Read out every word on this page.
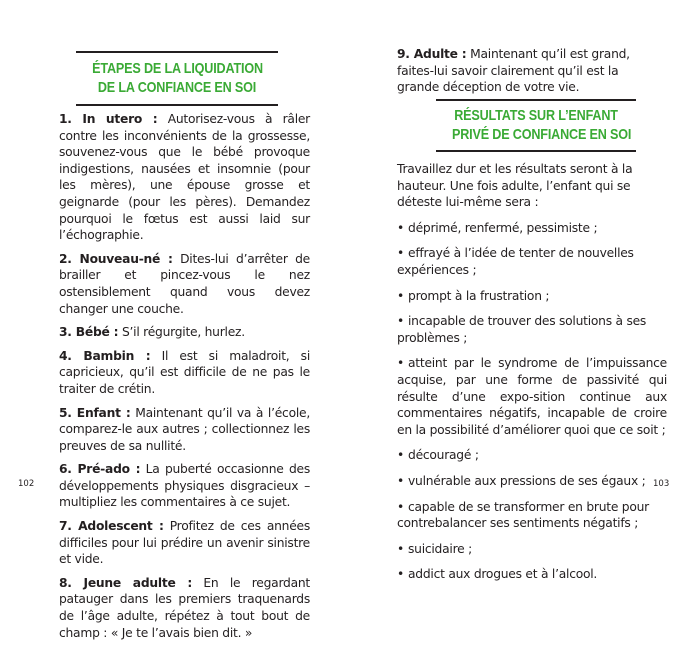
ÉTAPES DE LA LIQUIDATION
DE LA CONFIANCE EN SOI

1. In utero : Autorisez-vous à râler contre les inconvénients de la grossesse, souvenez-vous que le bébé provoque indigestions, nausées et insomnie (pour les mères), une épouse grosse et geignarde (pour les pères). Demandez pourquoi le fœtus est aussi laid sur l’échographie.

2. Nouveau-né : Dites-lui d’arrêter de brailler et pincez-vous le nez ostensiblement quand vous devez changer une couche.

3. Bébé : S’il régurgite, hurlez.

4. Bambin : Il est si maladroit, si capricieux, qu’il est difficile de ne pas le traiter de crétin.

5. Enfant : Maintenant qu’il va à l’école, comparez-le aux autres ; collectionnez les preuves de sa nullité.

6. Pré-ado : La puberté occasionne des développements physiques disgracieux – multipliez les commentaires à ce sujet.

7. Adolescent : Profitez de ces années difficiles pour lui prédire un avenir sinistre et vide.

8. Jeune adulte : En le regardant patauger dans les premiers traquenards de l’âge adulte, répétez à tout bout de champ : « Je te l’avais bien dit. »

102

9. Adulte : Maintenant qu’il est grand, faites-lui savoir clairement qu’il est la grande déception de votre vie.

RÉSULTATS SUR L’ENFANT
PRIVÉ DE CONFIANCE EN SOI

Travaillez dur et les résultats seront à la hauteur. Une fois adulte, l’enfant qui se déteste lui-même sera :

• déprimé, renfermé, pessimiste ;
• effrayé à l’idée de tenter de nouvelles expériences ;
• prompt à la frustration ;
• incapable de trouver des solutions à ses problèmes ;
• atteint par le syndrome de l’impuissance acquise, par une forme de passivité qui résulte d’une expo-sition continue aux commentaires négatifs, incapable de croire en la possibilité d’améliorer quoi que ce soit ;
• découragé ;
• vulnérable aux pressions de ses égaux ;
• capable de se transformer en brute pour contrebalancer ses sentiments négatifs ;
• suicidaire ;
• addict aux drogues et à l’alcool.
103
